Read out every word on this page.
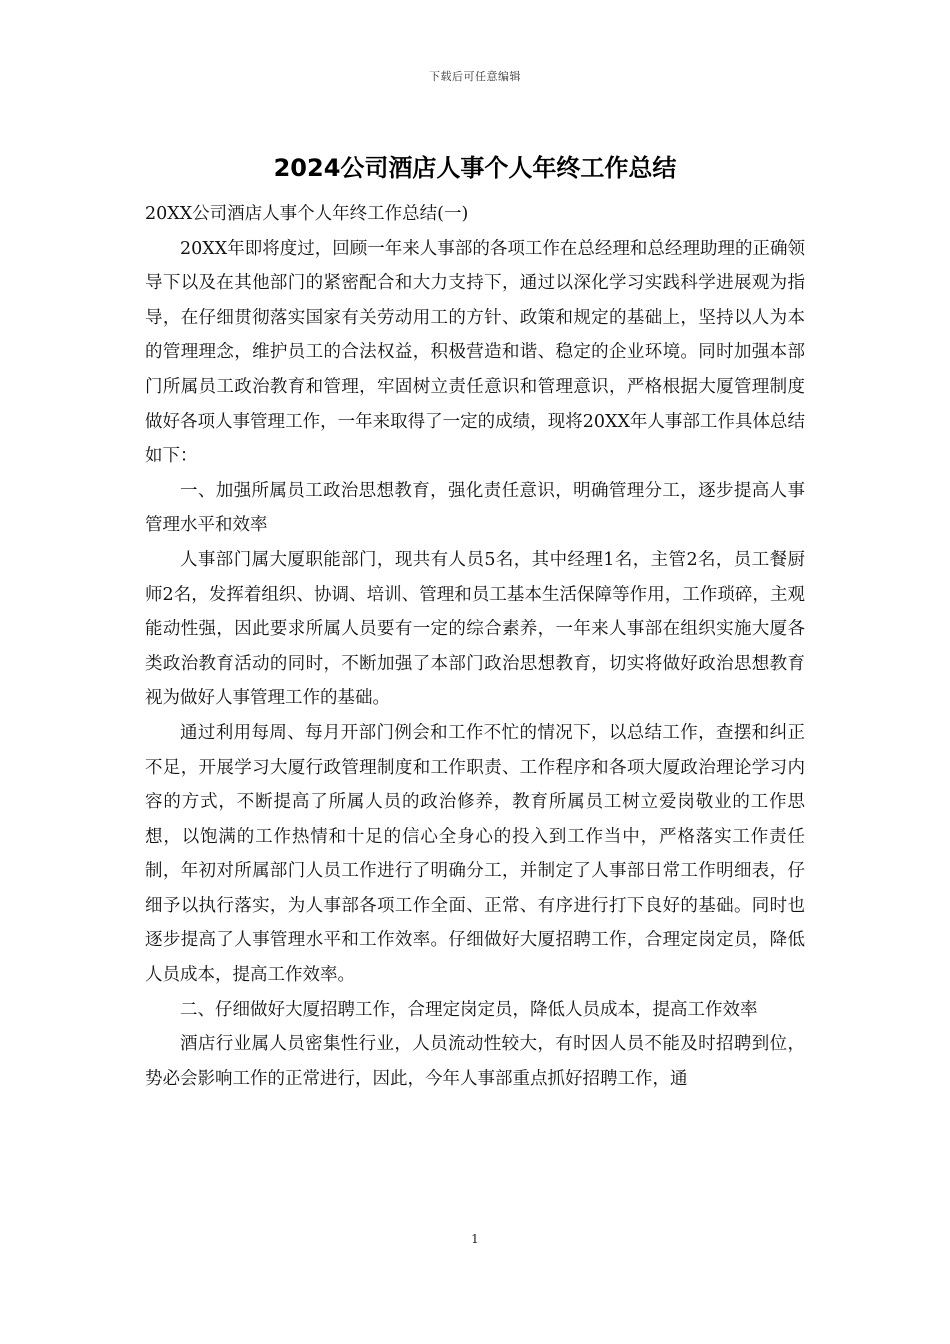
下载后可任意编辑
2024公司酒店人事个人年终工作总结

20XX公司酒店人事个人年终工作总结(一)

20XX年即将度过，回顾一年来人事部的各项工作在总经理和总经理助理的正确领导下以及在其他部门的紧密配合和大力支持下，通过以深化学习实践科学进展观为指导，在仔细贯彻落实国家有关劳动用工的方针、政策和规定的基础上，坚持以人为本的管理理念，维护员工的合法权益，积极营造和谐、稳定的企业环境。同时加强本部门所属员工政治教育和管理，牢固树立责任意识和管理意识，严格根据大厦管理制度做好各项人事管理工作，一年来取得了一定的成绩，现将20XX年人事部工作具体总结如下：

一、加强所属员工政治思想教育，强化责任意识，明确管理分工，逐步提高人事管理水平和效率

人事部门属大厦职能部门，现共有人员5名，其中经理1名，主管2名，员工餐厨师2名，发挥着组织、协调、培训、管理和员工基本生活保障等作用，工作琐碎，主观能动性强，因此要求所属人员要有一定的综合素养，一年来人事部在组织实施大厦各类政治教育活动的同时，不断加强了本部门政治思想教育，切实将做好政治思想教育视为做好人事管理工作的基础。

通过利用每周、每月开部门例会和工作不忙的情况下，以总结工作，查摆和纠正不足，开展学习大厦行政管理制度和工作职责、工作程序和各项大厦政治理论学习内容的方式，不断提高了所属人员的政治修养，教育所属员工树立爱岗敬业的工作思想，以饱满的工作热情和十足的信心全身心的投入到工作当中，严格落实工作责任制，年初对所属部门人员工作进行了明确分工，并制定了人事部日常工作明细表，仔细予以执行落实，为人事部各项工作全面、正常、有序进行打下良好的基础。同时也逐步提高了人事管理水平和工作效率。仔细做好大厦招聘工作，合理定岗定员，降低人员成本，提高工作效率。

二、仔细做好大厦招聘工作，合理定岗定员，降低人员成本，提高工作效率

酒店行业属人员密集性行业，人员流动性较大，有时因人员不能及时招聘到位，势必会影响工作的正常进行，因此，今年人事部重点抓好招聘工作，通

1
